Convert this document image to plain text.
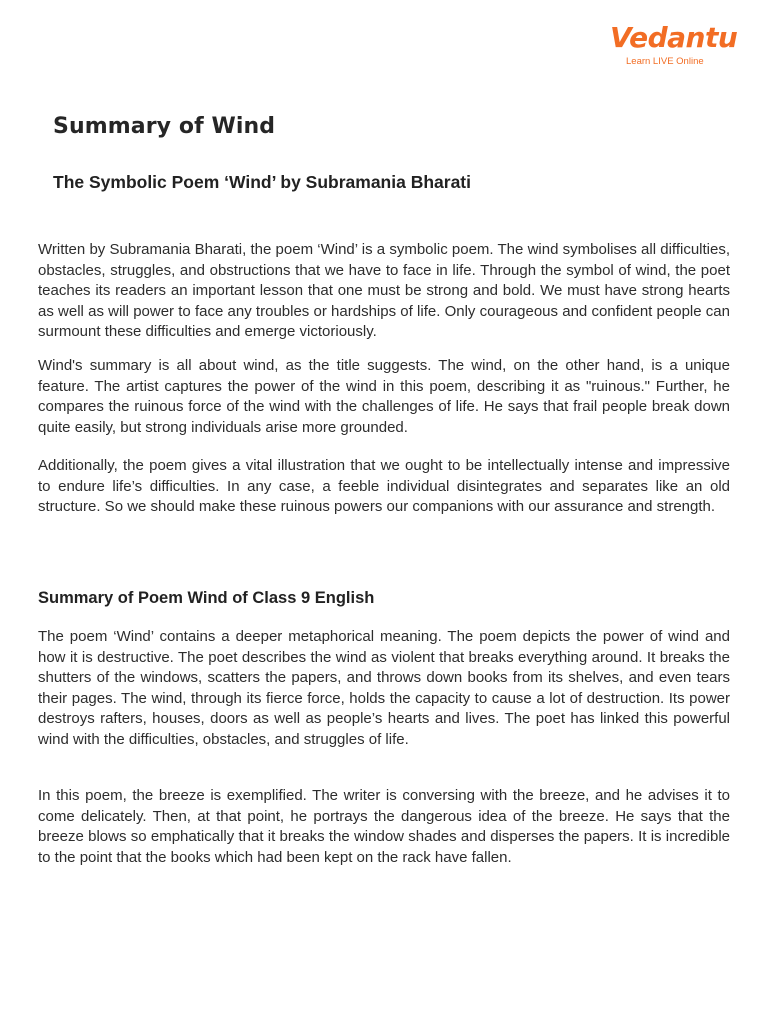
Vedantu
Learn LIVE Online
Summary of Wind
The Symbolic Poem ‘Wind’ by Subramania Bharati

Written by Subramania Bharati, the poem ‘Wind’ is a symbolic poem. The wind symbolises all difficulties, obstacles, struggles, and obstructions that we have to face in life. Through the symbol of wind, the poet teaches its readers an important lesson that one must be strong and bold. We must have strong hearts as well as will power to face any troubles or hardships of life. Only courageous and confident people can surmount these difficulties and emerge victoriously.

Wind's summary is all about wind, as the title suggests. The wind, on the other hand, is a unique feature. The artist captures the power of the wind in this poem, describing it as "ruinous." Further, he compares the ruinous force of the wind with the challenges of life. He says that frail people break down quite easily, but strong individuals arise more grounded.

Additionally, the poem gives a vital illustration that we ought to be intellectually intense and impressive to endure life’s difficulties. In any case, a feeble individual disintegrates and separates like an old structure. So we should make these ruinous powers our companions with our assurance and strength.

Summary of Poem Wind of Class 9 English

The poem ‘Wind’ contains a deeper metaphorical meaning. The poem depicts the power of wind and how it is destructive. The poet describes the wind as violent that breaks everything around. It breaks the shutters of the windows, scatters the papers, and throws down books from its shelves, and even tears their pages. The wind, through its fierce force, holds the capacity to cause a lot of destruction. Its power destroys rafters, houses, doors as well as people’s hearts and lives. The poet has linked this powerful wind with the difficulties, obstacles, and struggles of life.

In this poem, the breeze is exemplified. The writer is conversing with the breeze, and he advises it to come delicately. Then, at that point, he portrays the dangerous idea of the breeze. He says that the breeze blows so emphatically that it breaks the window shades and disperses the papers. It is incredible to the point that the books which had been kept on the rack have fallen.
